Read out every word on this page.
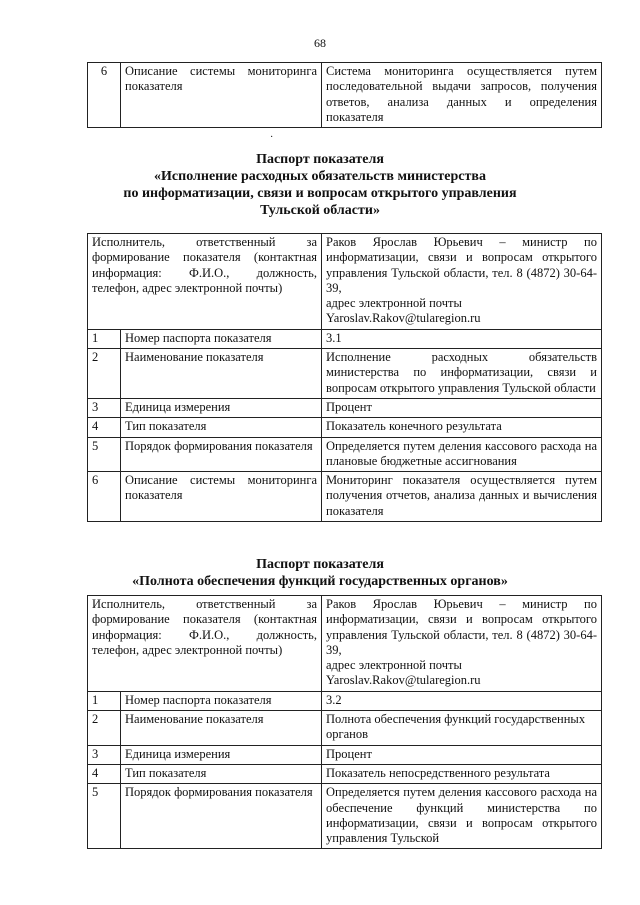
68
6	Описание системы мониторинга показателя	Система мониторинга осуществляется путем последовательной выдачи запросов, получения ответов, анализа данных и определения показателя
·
Паспорт показателя
«Исполнение расходных обязательств министерства
по информатизации, связи и вопросам открытого управления
Тульской области»
Исполнитель, ответственный за формирование показателя (контактная информация: Ф.И.О., должность, телефон, адрес электронной почты)		Раков Ярослав Юрьевич – министр по информатизации, связи и вопросам открытого управления Тульской области, тел. 8 (4872) 30-64-39,
адрес электронной почты
Yaroslav.Rakov@tularegion.ru

1	Номер паспорта показателя	3.1
2	Наименование показателя	Исполнение расходных обязательств министерства по информатизации, связи и вопросам открытого управления Тульской области
3	Единица измерения	Процент
4	Тип показателя	Показатель конечного результата
5	Порядок формирования показателя	Определяется путем деления кассового расхода на плановые бюджетные ассигнования
6	Описание системы мониторинга показателя	Мониторинг показателя осуществляется путем получения отчетов, анализа данных и вычисления показателя
Паспорт показателя
«Полнота обеспечения функций государственных органов»
Исполнитель, ответственный за формирование показателя (контактная информация: Ф.И.О., должность, телефон, адрес электронной почты)		Раков Ярослав Юрьевич – министр по информатизации, связи и вопросам открытого управления Тульской области, тел. 8 (4872) 30-64-39,
адрес электронной почты
Yaroslav.Rakov@tularegion.ru

1	Номер паспорта показателя	3.2
2	Наименование показателя	Полнота обеспечения функций государственных органов
3	Единица измерения	Процент
4	Тип показателя	Показатель непосредственного результата
5	Порядок формирования показателя	Определяется путем деления кассового расхода на обеспечение функций министерства по информатизации, связи и вопросам открытого управления Тульской
